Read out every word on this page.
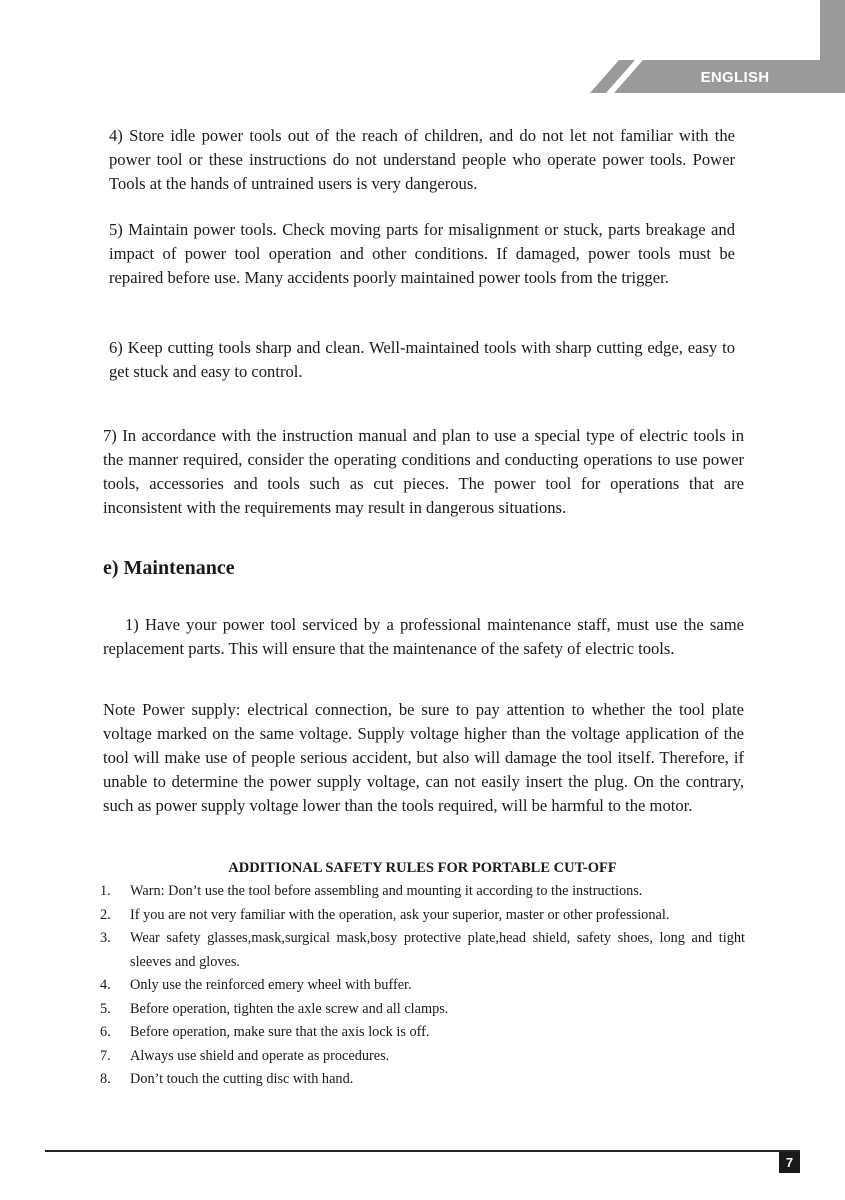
ENGLISH

4) Store idle power tools out of the reach of children, and do not let not familiar with the power tool or these instructions do not understand people who operate power tools. Power Tools at the hands of untrained users is very dangerous.

5) Maintain power tools. Check moving parts for misalignment or stuck, parts breakage and impact of power tool operation and other conditions. If damaged, power tools must be repaired before use. Many accidents poorly maintained power tools from the trigger.

6) Keep cutting tools sharp and clean. Well-maintained tools with sharp cutting edge, easy to get stuck and easy to control.

7) In accordance with the instruction manual and plan to use a special type of electric tools in the manner required, consider the operating conditions and conducting operations to use power tools, accessories and tools such as cut pieces. The power tool for operations that are inconsistent with the requirements may result in dangerous situations.

e) Maintenance

1) Have your power tool serviced by a professional maintenance staff, must use the same replacement parts. This will ensure that the maintenance of the safety of electric tools.

Note Power supply: electrical connection, be sure to pay attention to whether the tool plate voltage marked on the same voltage. Supply voltage higher than the voltage application of the tool will make use of people serious accident, but also will damage the tool itself. Therefore, if unable to determine the power supply voltage, can not easily insert the plug. On the contrary, such as power supply voltage lower than the tools required, will be harmful to the motor.

ADDITIONAL SAFETY RULES FOR PORTABLE CUT-OFF
1.	Warn: Don’t use the tool before assembling and mounting it according to the instructions.
2.	If you are not very familiar with the operation, ask your superior, master or other professional.
3.	Wear safety glasses,mask,surgical mask,bosy protective plate,head shield, safety shoes, long and tight sleeves and gloves.
4.	Only use the reinforced emery wheel with buffer.
5.	Before operation, tighten the axle screw and all clamps.
6.	Before operation, make sure that the axis lock is off.
7.	Always use shield and operate as procedures.
8.	Don’t touch the cutting disc with hand.
7
